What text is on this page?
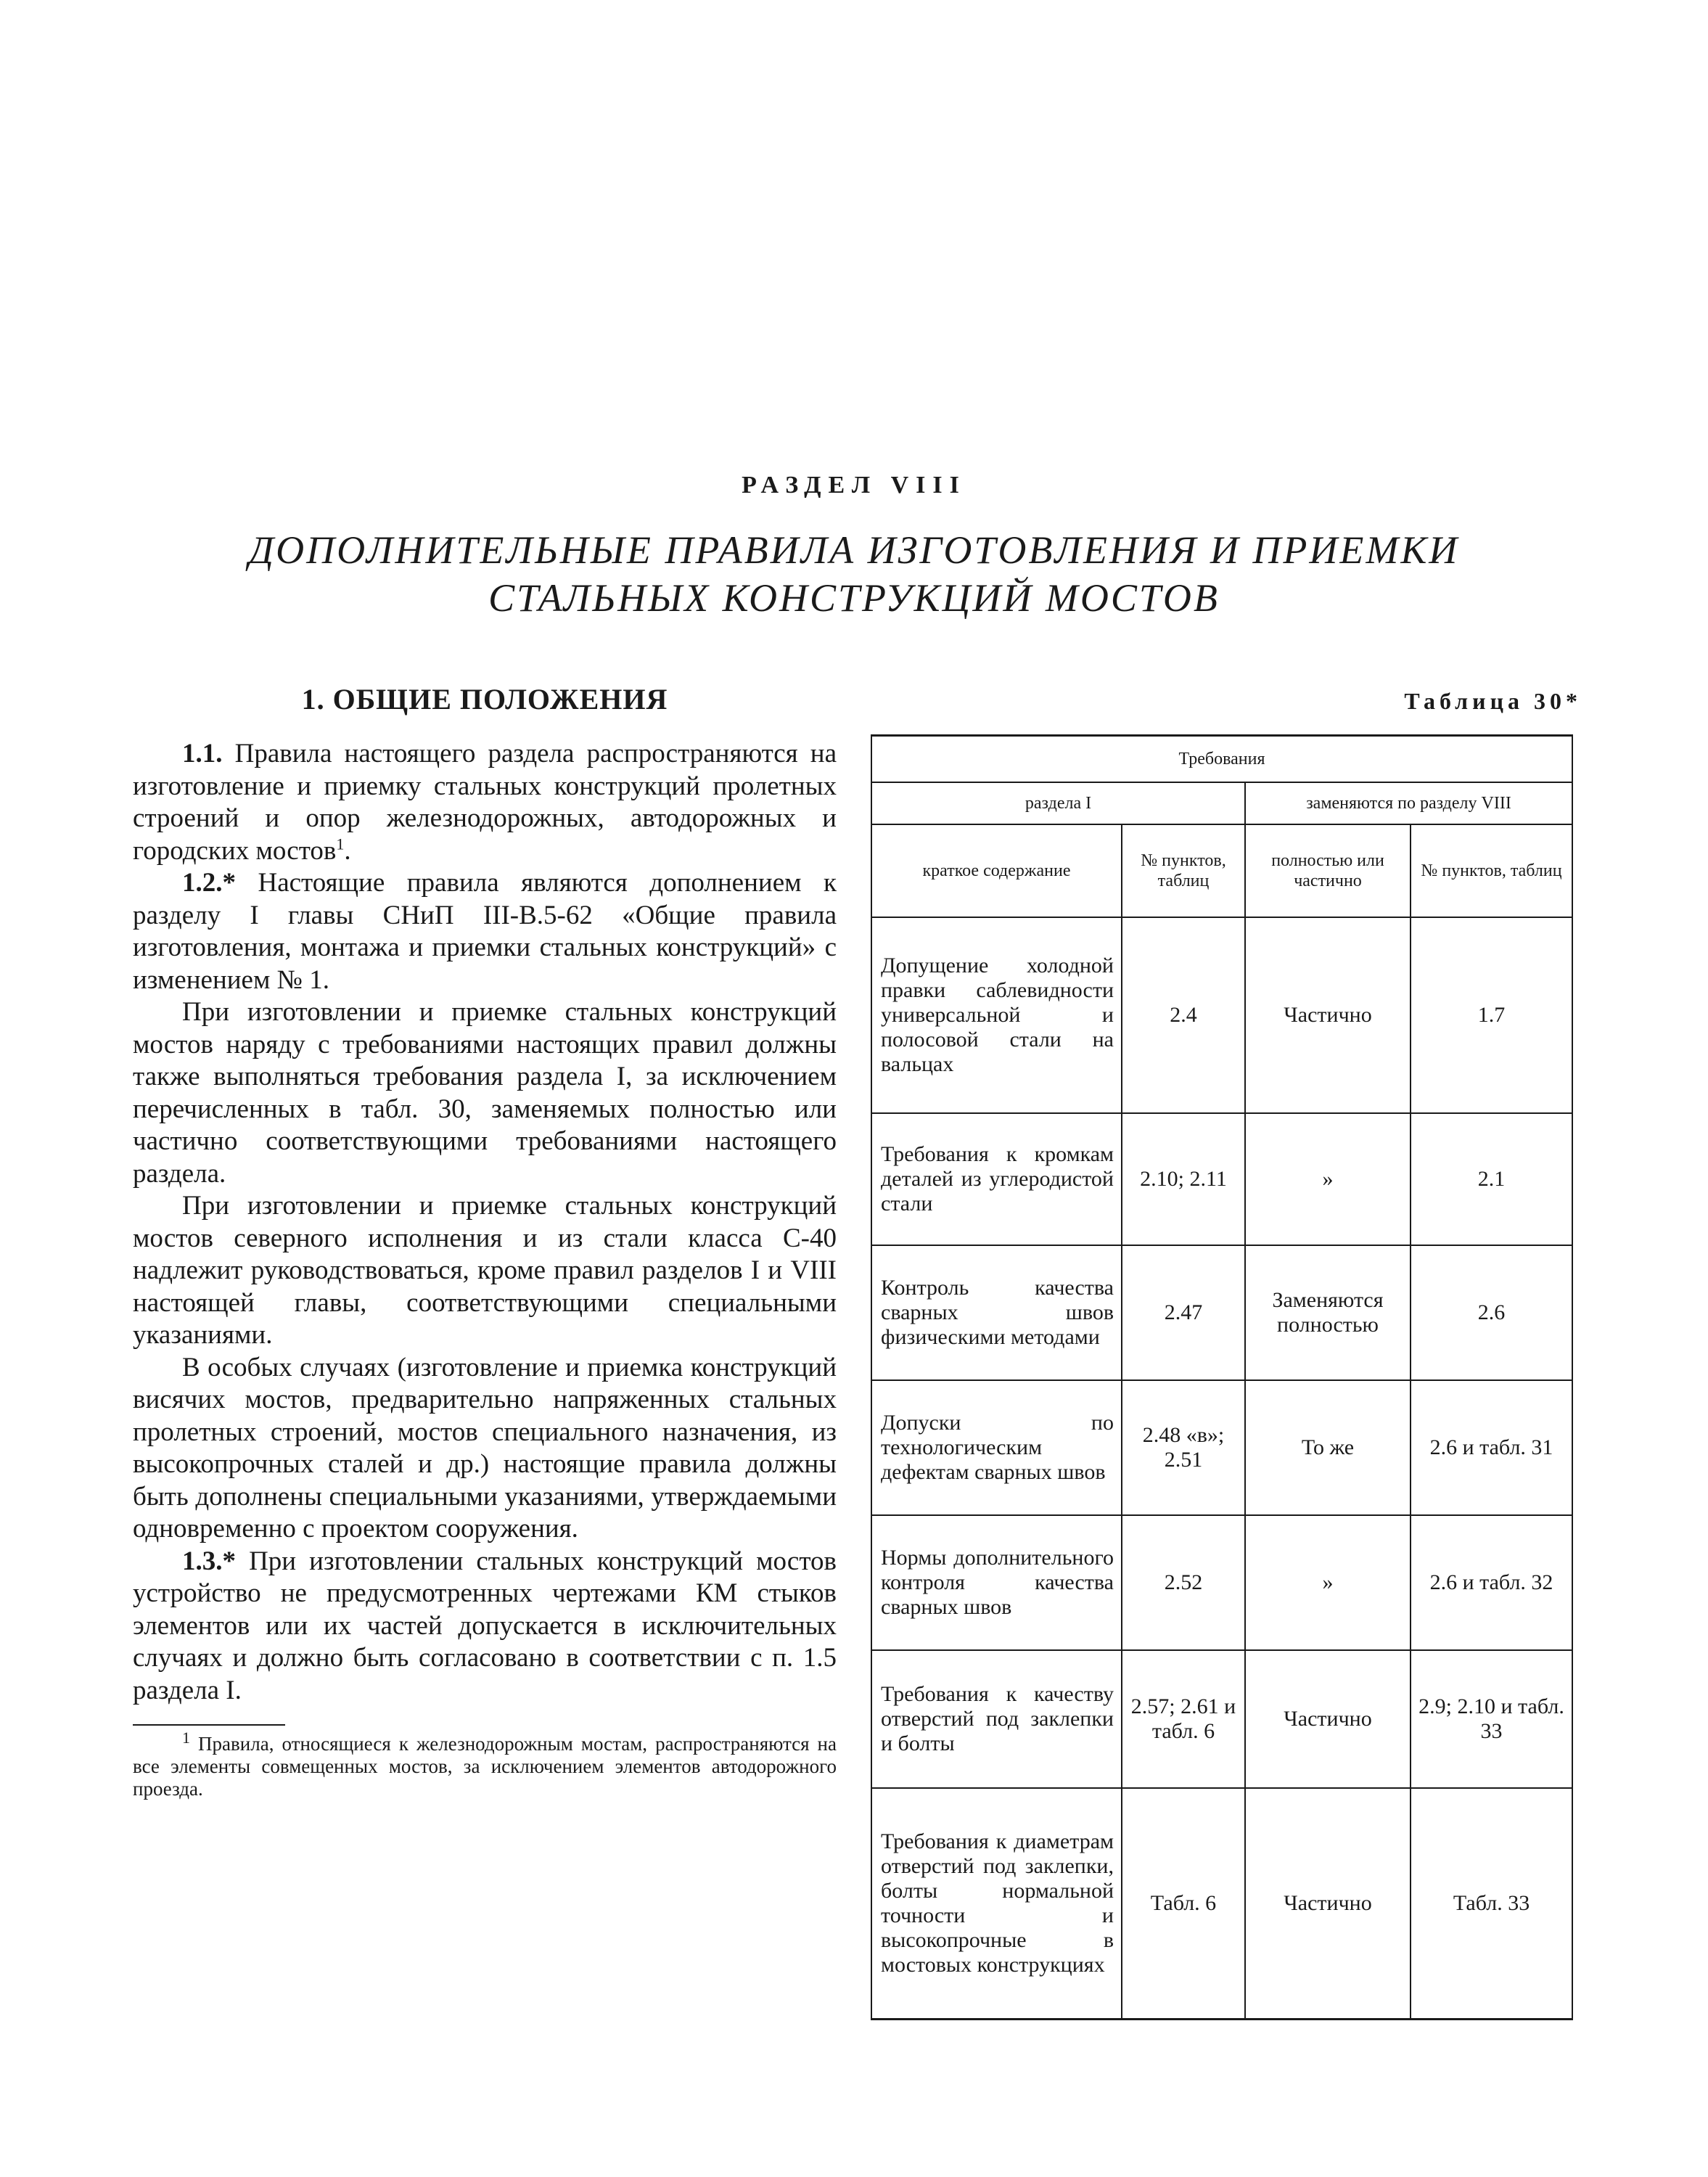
РАЗДЕЛ VIII
ДОПОЛНИТЕЛЬНЫЕ ПРАВИЛА ИЗГОТОВЛЕНИЯ И ПРИЕМКИ
СТАЛЬНЫХ КОНСТРУКЦИЙ МОСТОВ
1. ОБЩИЕ ПОЛОЖЕНИЯ

1.1. Правила настоящего раздела распространяются на изготовление и приемку стальных конструкций пролетных строений и опор железнодорожных, автодорожных и городских мостов$^1$.

1.2.* Настоящие правила являются дополнением к разделу I главы СНиП III-В.5-62 «Общие правила изготовления, монтажа и приемки стальных конструкций» с изменением № 1.

При изготовлении и приемке стальных конструкций мостов наряду с требованиями настоящих правил должны также выполняться требования раздела I, за исключением перечисленных в табл. 30, заменяемых полностью или частично соответствующими требованиями настоящего раздела.

При изготовлении и приемке стальных конструкций мостов северного исполнения и из стали класса С-40 надлежит руководствоваться, кроме правил разделов I и VIII настоящей главы, соответствующими специальными указаниями.

В особых случаях (изготовление и приемка конструкций висячих мостов, предварительно напряженных стальных пролетных строений, мостов специального назначения, из высокопрочных сталей и др.) настоящие правила должны быть дополнены специальными указаниями, утверждаемыми одновременно с проектом сооружения.

1.3.* При изготовлении стальных конструкций мостов устройство не предусмотренных чертежами КМ стыков элементов или их частей допускается в исключительных случаях и должно быть согласовано в соответствии с п. 1.5 раздела I.

$^1$ Правила, относящиеся к железнодорожным мостам, распространяются на все элементы совмещенных мостов, за исключением элементов автодорожного проезда.

Таблица 30*
Требования			
раздела I		заменяются по разделу VIII	
краткое содержание	№ пунктов, таблиц	полностью или частично	№ пунктов, таблиц
Допущение холодной правки саблевидности универсальной и полосовой стали на вальцах	2.4	Частично	1.7
Требования к кромкам деталей из углеродистой стали	2.10; 2.11	»	2.1
Контроль качества сварных швов физическими методами	2.47	Заменяются полностью	2.6
Допуски по технологическим дефектам сварных швов	2.48 «в»; 2.51	То же	2.6 и табл. 31
Нормы дополнительного контроля качества сварных швов	2.52	»	2.6 и табл. 32
Требования к качеству отверстий под заклепки и болты	2.57; 2.61 и табл. 6	Частично	2.9; 2.10 и табл. 33
Требования к диаметрам отверстий под заклепки, болты нормальной точности и высокопрочные в мостовых конструкциях	Табл. 6	Частично	Табл. 33
